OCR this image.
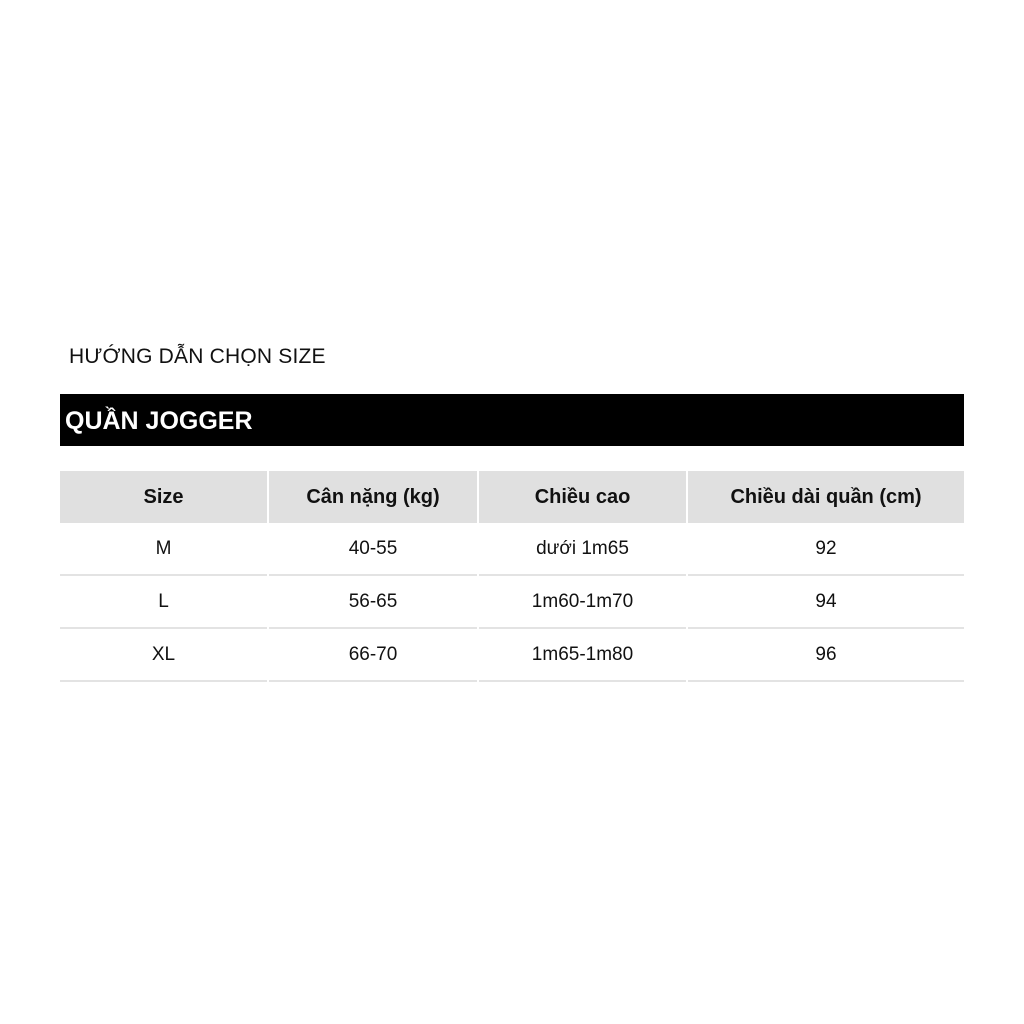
HƯỚNG DẪN CHỌN SIZE
QUẦN JOGGER
Size	Cân nặng (kg)	Chiều cao	Chiều dài quần (cm)
M	40-55	dưới 1m65	92
L	56-65	1m60-1m70	94
XL	66-70	1m65-1m80	96
